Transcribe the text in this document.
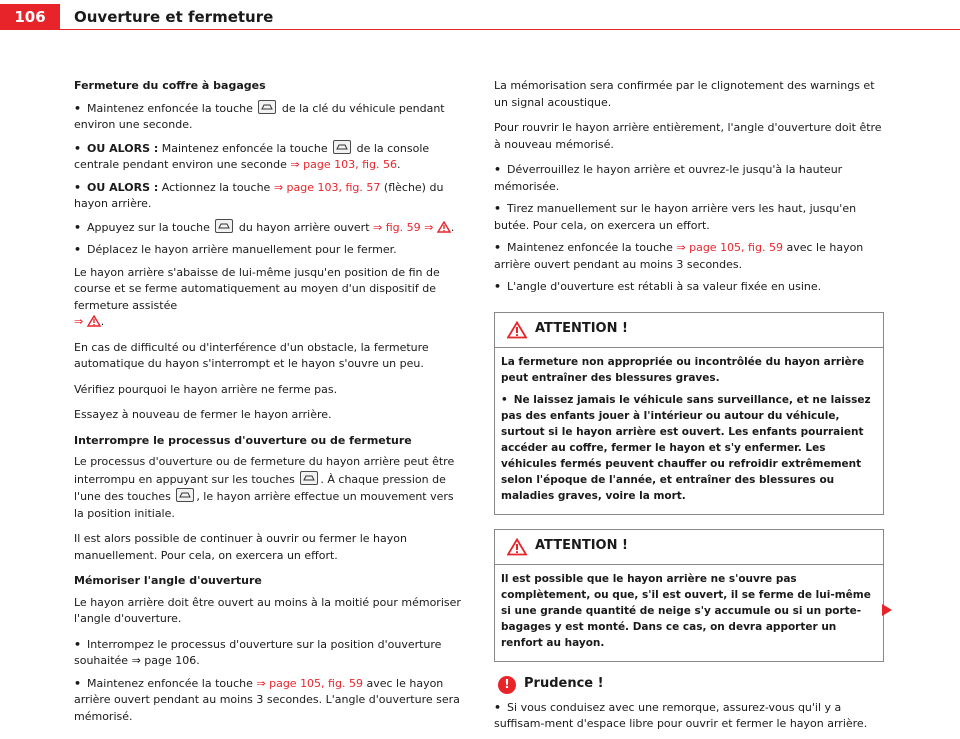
106	Ouverture et fermeture

Fermeture du coffre à bagages

• Maintenez enfoncée la touche	de la clé du véhicule pendant environ une seconde.

• OU ALORS : Maintenez enfoncée la touche	de la console centrale pendant environ une seconde ⇒ page 103, fig. 56.

• OU ALORS : Actionnez la touche ⇒ page 103, fig. 57 (flèche) du hayon arrière.

• Appuyez sur la touche	du hayon arrière ouvert ⇒ fig. 59 ⇒ .

• Déplacez le hayon arrière manuellement pour le fermer.

Le hayon arrière s'abaisse de lui-même jusqu'en position de fin de course et se ferme automatiquement au moyen d'un dispositif de fermeture assistée
⇒ .

En cas de difficulté ou d'interférence d'un obstacle, la fermeture automatique du hayon s'interrompt et le hayon s'ouvre un peu.

Vérifiez pourquoi le hayon arrière ne ferme pas.

Essayez à nouveau de fermer le hayon arrière.

Interrompre le processus d'ouverture ou de fermeture

Le processus d'ouverture ou de fermeture du hayon arrière peut être interrompu en appuyant sur les touches . À chaque pression de l'une des touches , le hayon arrière effectue un mouvement vers la position initiale.

Il est alors possible de continuer à ouvrir ou fermer le hayon manuellement. Pour cela, on exercera un effort.

Mémoriser l'angle d'ouverture

Le hayon arrière doit être ouvert au moins à la moitié pour mémoriser l'angle d'ouverture.

• Interrompez le processus d'ouverture sur la position d'ouverture souhaitée ⇒ page 106.

• Maintenez enfoncée la touche ⇒ page 105, fig. 59 avec le hayon arrière ouvert pendant au moins 3 secondes. L'angle d'ouverture sera mémorisé.

La mémorisation sera confirmée par le clignotement des warnings et un signal acoustique.

Pour rouvrir le hayon arrière entièrement, l'angle d'ouverture doit être à nouveau mémorisé.

• Déverrouillez le hayon arrière et ouvrez-le jusqu'à la hauteur mémorisée.

• Tirez manuellement sur le hayon arrière vers les haut, jusqu'en butée. Pour cela, on exercera un effort.

• Maintenez enfoncée la touche ⇒ page 105, fig. 59 avec le hayon arrière ouvert pendant au moins 3 secondes.

• L'angle d'ouverture est rétabli à sa valeur fixée en usine.

ATTENTION !

La fermeture non appropriée ou incontrôlée du hayon arrière peut entraîner des blessures graves.

• Ne laissez jamais le véhicule sans surveillance, et ne laissez pas des enfants jouer à l'intérieur ou autour du véhicule, surtout si le hayon arrière est ouvert. Les enfants pourraient accéder au coffre, fermer le hayon et s'y enfermer. Les véhicules fermés peuvent chauffer ou refroidir extrêmement selon l'époque de l'année, et entraîner des blessures ou maladies graves, voire la mort.

ATTENTION !

Il est possible que le hayon arrière ne s'ouvre pas complètement, ou que, s'il est ouvert, il se ferme de lui-même si une grande quantité de neige s'y accumule ou si un porte-bagages y est monté. Dans ce cas, on devra apporter un renfort au hayon.

!	Prudence !

• Si vous conduisez avec une remorque, assurez-vous qu'il y a suffisam-ment d'espace libre pour ouvrir et fermer le hayon arrière.
